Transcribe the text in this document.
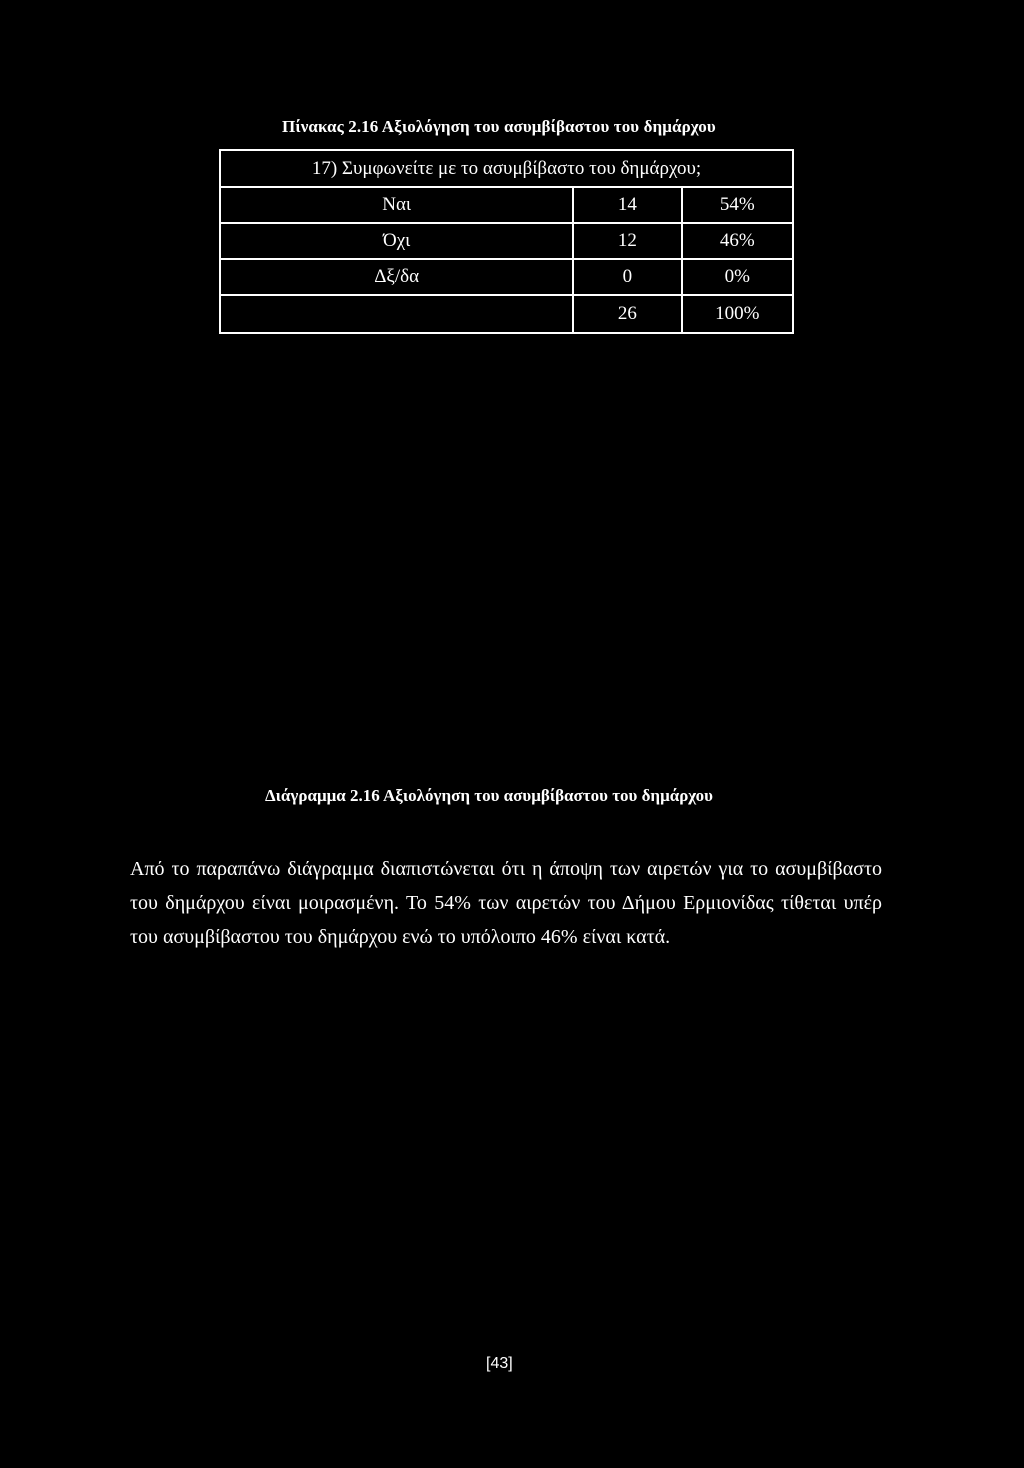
Πίνακας 2.16 Αξιολόγηση του ασυμβίβαστου του δημάρχου
17) Συμφωνείτε με το ασυμβίβαστο του δημάρχου;		
Ναι	14	54%
Όχι	12	46%
Δξ/δα	0	0%
	26	100%
Διάγραμμα 2.16 Αξιολόγηση του ασυμβίβαστου του δημάρχου

Από το παραπάνω διάγραμμα διαπιστώνεται ότι η άποψη των αιρετών για το ασυμβίβαστο του δημάρχου είναι μοιρασμένη. Το 54% των αιρετών του Δήμου Ερμιονίδας τίθεται υπέρ του ασυμβίβαστου του δημάρχου ενώ το υπόλοιπο 46% είναι κατά.

[43]
